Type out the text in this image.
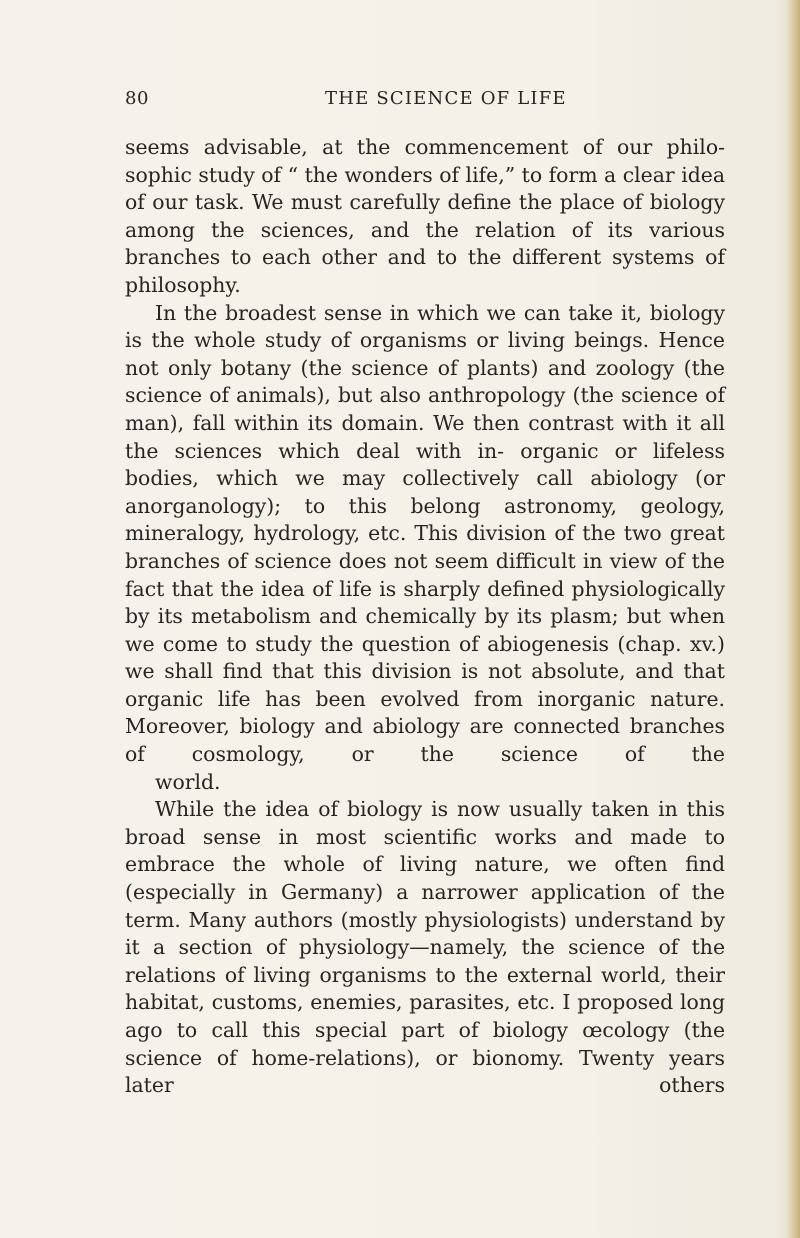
80	THE SCIENCE OF LIFE

seems advisable, at the commencement of our philo- sophic study of “ the wonders of life,” to form a clear idea of our task. We must carefully define the place of biology among the sciences, and the relation of its various branches to each other and to the different systems of
philosophy.

In the broadest sense in which we can take it, biology is the whole study of organisms or living beings. Hence not only botany (the science of plants) and zoology (the science of animals), but also anthropology (the science of man), fall within its domain. We then contrast with it all the sciences which deal with in- organic or lifeless bodies, which we may collectively call abiology (or anorganology); to this belong astronomy, geology, mineralogy, hydrology, etc. This division of the two great branches of science does not seem difficult in view of the fact that the idea of life is sharply defined physiologically by its metabolism and chemically by its plasm; but when we come to study the question of abiogenesis (chap. xv.) we shall find that this division is not absolute, and that organic life has been evolved from inorganic nature. Moreover, biology and abiology are connected branches of cosmology, or the science of the
world.

While the idea of biology is now usually taken in this broad sense in most scientific works and made to embrace the whole of living nature, we often find (especially in Germany) a narrower application of the term. Many authors (mostly physiologists) understand by it a section of physiology—namely, the science of the relations of living organisms to the external world, their habitat, customs, enemies, parasites, etc. I proposed long ago to call this special part of biology œcology (the science of home-relations), or bionomy. Twenty years later others
